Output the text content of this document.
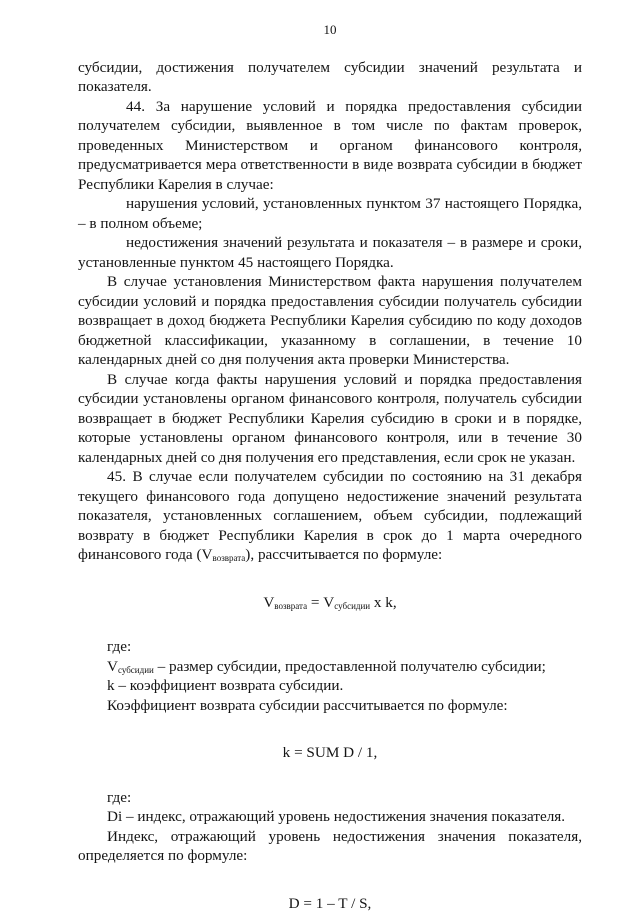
10

субсидии, достижения получателем субсидии значений результата и показателя.

44. За нарушение условий и порядка предоставления субсидии получателем субсидии, выявленное в том числе по фактам проверок, проведенных Министерством и органом финансового контроля, предусматривается мера ответственности в виде возврата субсидии в бюджет Республики Карелия в случае:

нарушения условий, установленных пунктом 37 настоящего Порядка, – в полном объеме;

недостижения значений результата и показателя – в размере и сроки, установленные пунктом 45 настоящего Порядка.

В случае установления Министерством факта нарушения получателем субсидии условий и порядка предоставления субсидии получатель субсидии возвращает в доход бюджета Республики Карелия субсидию по коду доходов бюджетной классификации, указанному в соглашении, в течение 10 календарных дней со дня получения акта проверки Министерства.

В случае когда факты нарушения условий и порядка предоставления субсидии установлены органом финансового контроля, получатель субсидии возвращает в бюджет Республики Карелия субсидию в сроки и в порядке, которые установлены органом финансового контроля, или в течение 30 календарных дней со дня получения его представления, если срок не указан.

45. В случае если получателем субсидии по состоянию на 31 декабря текущего финансового года допущено недостижение значений результата показателя, установленных соглашением, объем субсидии, подлежащий возврату в бюджет Республики Карелия в срок до 1 марта очередного финансового года $(V_{возврата})$, рассчитывается по формуле:

$V_{возврата} = V_{субсидии}$ x k,

где:

$V_{субсидии}$ – размер субсидии, предоставленной получателю субсидии;

k – коэффициент возврата субсидии.

Коэффициент возврата субсидии рассчитывается по формуле:

k = SUM D / 1,

где:

Di – индекс, отражающий уровень недостижения значения показателя.

Индекс, отражающий уровень недостижения значения показателя, определяется по формуле:

D = 1 – T / S,
